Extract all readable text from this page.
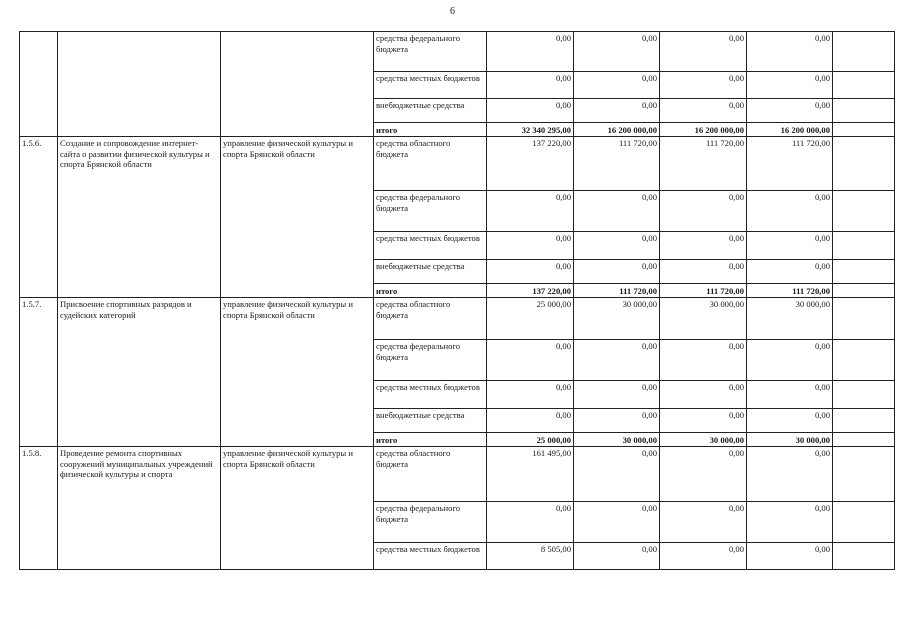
6
			средства федерального бюджета	0,00	0,00	0,00	0,00	
			средства местных бюджетов	0,00	0,00	0,00	0,00	
			внебюджетные средства	0,00	0,00	0,00	0,00	
			итого	32 340 295,00	16 200 000,00	16 200 000,00	16 200 000,00	
1.5.6.	Создание и сопровождение интернет-сайта о развитии физической культуры и спорта Брянской области	управление физической культуры и спорта Брянской области	средства областного бюджета	137 220,00	111 720,00	111 720,00	111 720,00	
			средства федерального бюджета	0,00	0,00	0,00	0,00	
			средства местных бюджетов	0,00	0,00	0,00	0,00	
			внебюджетные средства	0,00	0,00	0,00	0,00	
			итого	137 220,00	111 720,00	111 720,00	111 720,00	
1.5.7.	Присвоение спортивных разрядов и судейских категорий	управление физической культуры и спорта Брянской области	средства областного бюджета	25 000,00	30 000,00	30 000,00	30 000,00	
			средства федерального бюджета	0,00	0,00	0,00	0,00	
			средства местных бюджетов	0,00	0,00	0,00	0,00	
			внебюджетные средства	0,00	0,00	0,00	0,00	
			итого	25 000,00	30 000,00	30 000,00	30 000,00	
1.5.8.	Проведение ремонта спортивных сооружений муниципальных учреждений физической культуры и спорта	управление физической культуры и спорта Брянской области	средства областного бюджета	161 495,00	0,00	0,00	0,00	
			средства федерального бюджета	0,00	0,00	0,00	0,00	
			средства местных бюджетов	8 505,00	0,00	0,00	0,00	
